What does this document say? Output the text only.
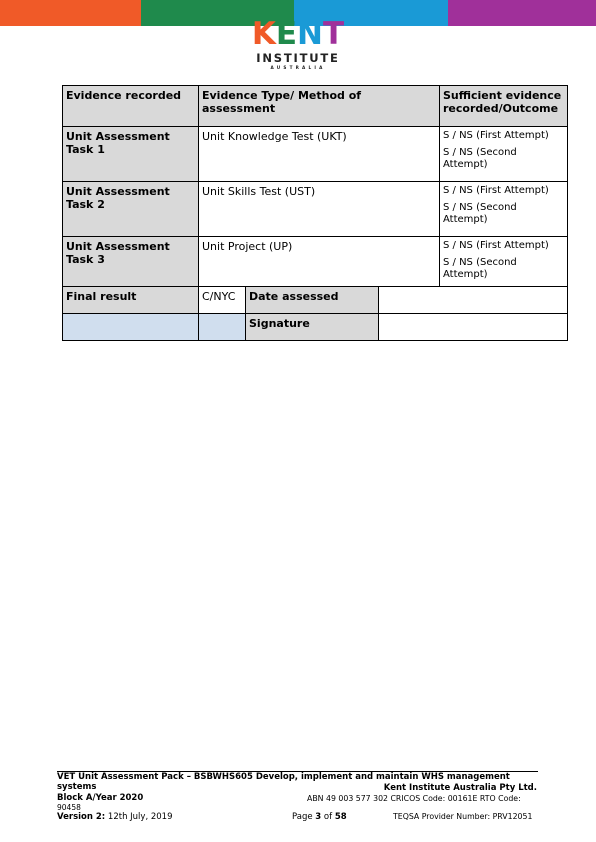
KENT
INSTITUTE
AUSTRALIA
Evidence recorded	Evidence Type/ Method of assessment			Sufficient evidence recorded/Outcome
Unit Assessment Task 1	Unit Knowledge Test (UKT)			S / NS (First Attempt)
S / NS (Second Attempt)

Unit Assessment Task 2	Unit Skills Test (UST)			S / NS (First Attempt)
S / NS (Second Attempt)

Unit Assessment Task 3	Unit Project (UP)			S / NS (First Attempt)
S / NS (Second Attempt)

Final result	C/NYC	Date assessed		
		Signature		
VET Unit Assessment Pack – BSBWHS605 Develop, implement and maintain WHS management systems
Block A/Year 2020
Kent Institute Australia Pty Ltd.
ABN 49 003 577 302 CRICOS Code: 00161E RTO Code:
90458
Version 2: 12th July, 2019	Page 3 of 58	TEQSA Provider Number: PRV12051
